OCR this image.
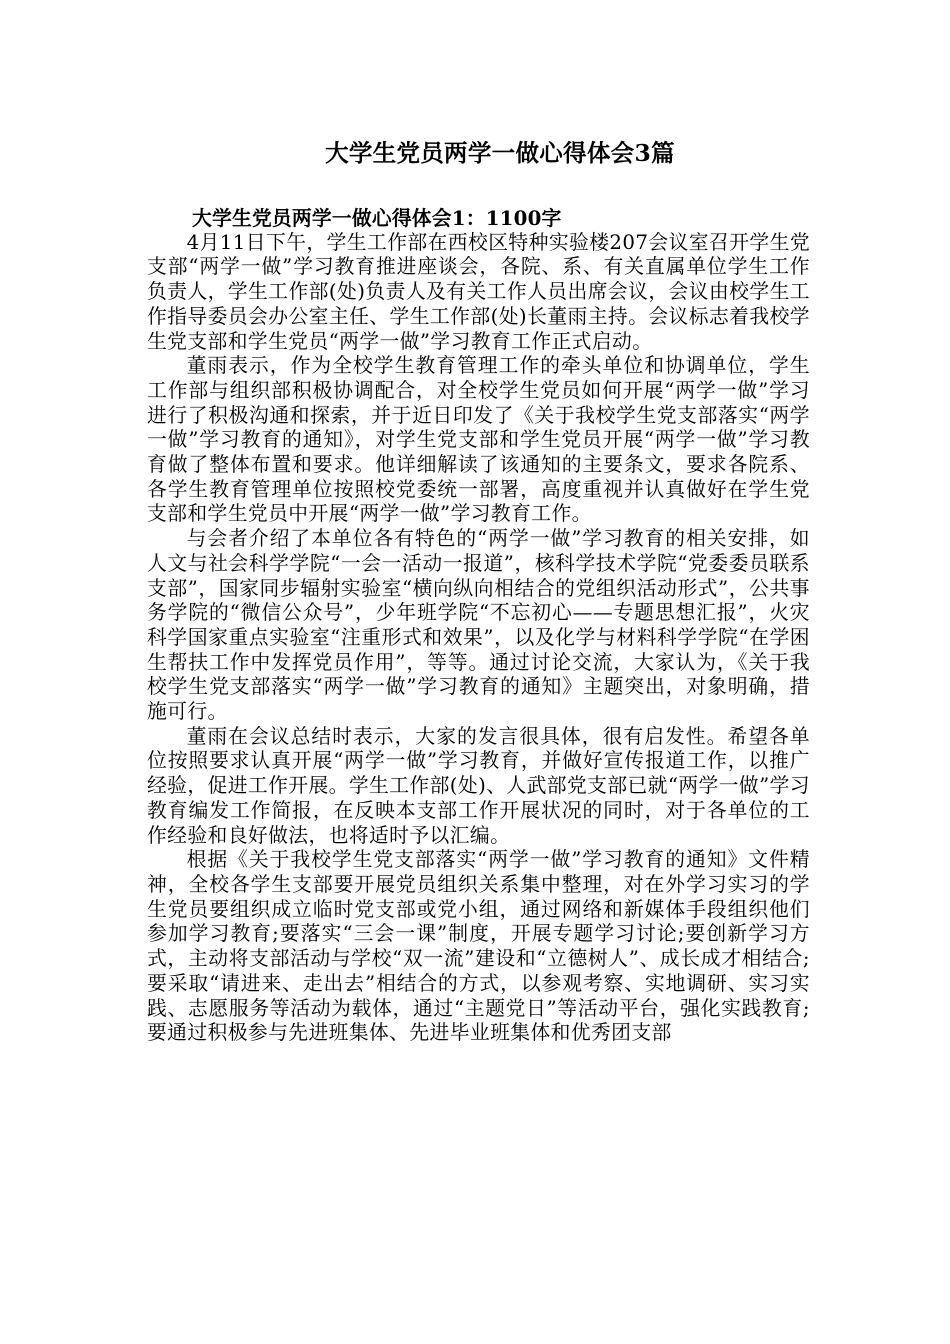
大学生党员两学一做心得体会3篇

大学生党员两学一做心得体会1：1100字

4月11日下午，学生工作部在西校区特种实验楼207会议室召开学生党支部“两学一做”学习教育推进座谈会，各院、系、有关直属单位学生工作负责人，学生工作部(处)负责人及有关工作人员出席会议，会议由校学生工作指导委员会办公室主任、学生工作部(处)长董雨主持。会议标志着我校学生党支部和学生党员“两学一做”学习教育工作正式启动。

董雨表示，作为全校学生教育管理工作的牵头单位和协调单位，学生工作部与组织部积极协调配合，对全校学生党员如何开展“两学一做”学习进行了积极沟通和探索，并于近日印发了《关于我校学生党支部落实“两学一做”学习教育的通知》，对学生党支部和学生党员开展“两学一做”学习教育做了整体布置和要求。他详细解读了该通知的主要条文，要求各院系、各学生教育管理单位按照校党委统一部署，高度重视并认真做好在学生党支部和学生党员中开展“两学一做”学习教育工作。

与会者介绍了本单位各有特色的“两学一做”学习教育的相关安排，如人文与社会科学学院“一会一活动一报道”，核科学技术学院“党委委员联系支部”，国家同步辐射实验室“横向纵向相结合的党组织活动形式”，公共事务学院的“微信公众号”，少年班学院“不忘初心——专题思想汇报”，火灾科学国家重点实验室“注重形式和效果”，以及化学与材料科学学院“在学困生帮扶工作中发挥党员作用”，等等。通过讨论交流，大家认为，《关于我校学生党支部落实“两学一做”学习教育的通知》主题突出，对象明确，措施可行。

董雨在会议总结时表示，大家的发言很具体，很有启发性。希望各单位按照要求认真开展“两学一做”学习教育，并做好宣传报道工作，以推广经验，促进工作开展。学生工作部(处)、人武部党支部已就“两学一做”学习教育编发工作简报，在反映本支部工作开展状况的同时，对于各单位的工作经验和良好做法，也将适时予以汇编。

根据《关于我校学生党支部落实“两学一做”学习教育的通知》文件精神，全校各学生支部要开展党员组织关系集中整理，对在外学习实习的学生党员要组织成立临时党支部或党小组，通过网络和新媒体手段组织他们参加学习教育;要落实“三会一课”制度，开展专题学习讨论;要创新学习方式，主动将支部活动与学校“双一流”建设和“立德树人”、成长成才相结合;要采取“请进来、走出去”相结合的方式，以参观考察、实地调研、实习实践、志愿服务等活动为载体，通过“主题党日”等活动平台，强化实践教育;要通过积极参与先进班集体、先进毕业班集体和优秀团支部
